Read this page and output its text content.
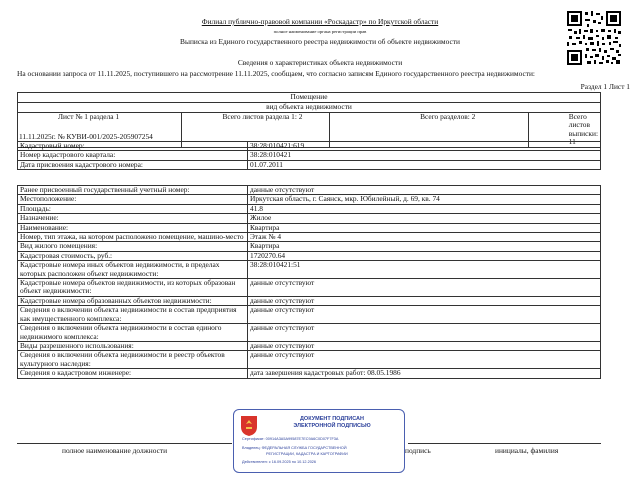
Филиал публично-правовой компании «Роскадастр» по Иркутской области
полное наименование органа регистрации прав
Выписка из Единого государственного реестра недвижимости об объекте недвижимости
Сведения о характеристиках объекта недвижимости
На основании запроса от 11.11.2025, поступившего на рассмотрение 11.11.2025, сообщаем, что согласно записям Единого государственного реестра недвижимости:
Раздел 1 Лист 1
Помещение
вид объекта недвижимости
Лист № 1 раздела 1	Всего листов раздела 1: 2	Всего разделов: 2	Всего листов выписки: 11
11.11.2025г. № КУВИ-001/2025-205907254
Кадастровый номер:	38:28:010421:619
Номер кадастрового квартала:	38:28:010421
Дата присвоения кадастрового номера:	01.07.2011
Ранее присвоенный государственный учетный номер:	данные отсутствуют
Местоположение:	Иркутская область, г. Саянск, мкр. Юбилейный, д. 69, кв. 74
Площадь:	41.8
Назначение:	Жилое
Наименование:	Квартира
Номер, тип этажа, на котором расположено помещение, машино-место	Этаж № 4
Вид жилого помещения:	Квартира
Кадастровая стоимость, руб.:	1720270.64
Кадастровые номера иных объектов недвижимости, в пределах которых расположен объект недвижимости:	38:28:010421:51
Кадастровые номера объектов недвижимости, из которых образован объект недвижимости:	данные отсутствуют
Кадастровые номера образованных объектов недвижимости:	данные отсутствуют
Сведения о включении объекта недвижимости в состав предприятия как имущественного комплекса:	данные отсутствуют
Сведения о включении объекта недвижимости в состав единого недвижимого комплекса:	данные отсутствуют
Виды разрешенного использования:	данные отсутствуют
Сведения о включении объекта недвижимости в реестр объектов культурного наследия:	данные отсутствуют
Сведения о кадастровом инженере:	дата завершения кадастровых работ: 08.05.1986
ДОКУМЕНТ ПОДПИСАН
ЭЛЕКТРОННОЙ ПОДПИСЬЮ
Сертификат: 00914A3A5A99587E7EC9A6C0D07F7F3A
Владелец: ФЕДЕРАЛЬНАЯ СЛУЖБА ГОСУДАРСТВЕННОЙ
РЕГИСТРАЦИИ, КАДАСТРА И КАРТОГРАФИИ
Действителен: с 16.09.2025 по 10.12.2026
полное наименование должности	подпись	инициалы, фамилия
